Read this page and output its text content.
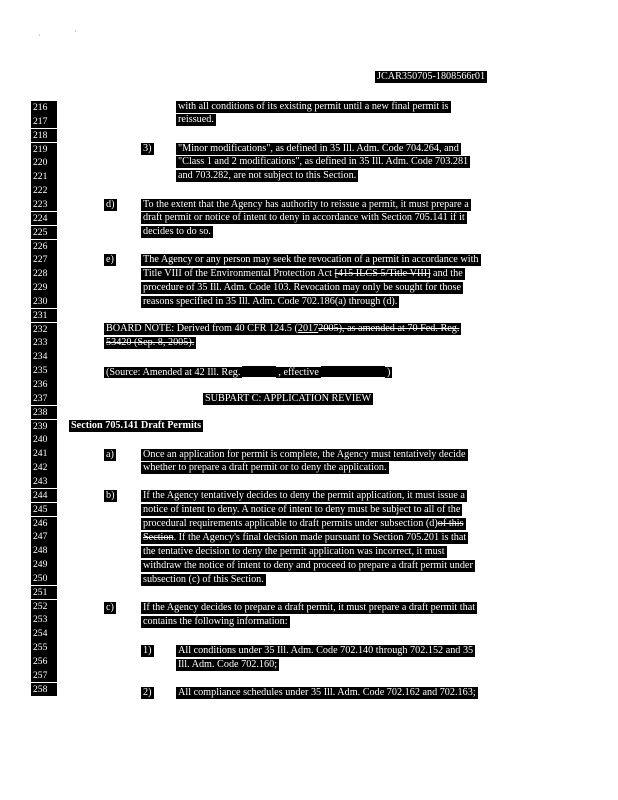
·	·
JCAR350705-1808566r01
216
217
218
219
220
221
222
223
224
225
226
227
228
229
230
231
232
233
234
235
236
237
238
239
240
241
242
243
244
245
246
247
248
249
250
251
252
253
254
255
256
257
258
with all conditions of its existing permit until a new final permit is
reissued.
3)	"Minor modifications", as defined in 35 Ill. Adm. Code 704.264, and
"Class 1 and 2 modifications", as defined in 35 Ill. Adm. Code 703.281
and 703.282, are not subject to this Section.
d)	To the extent that the Agency has authority to reissue a permit, it must prepare a
draft permit or notice of intent to deny in accordance with Section 705.141 if it
decides to do so.
e)	The Agency or any person may seek the revocation of a permit in accordance with
Title VIII of the Environmental Protection Act [415 ILCS 5/Title VIII] and the
procedure of 35 Ill. Adm. Code 103. Revocation may only be sought for those
reasons specified in 35 Ill. Adm. Code 702.186(a) through (d).
BOARD NOTE: Derived from 40 CFR 124.5 (20172005), as amended at 70 Fed. Reg.
53420 (Sep. 8, 2005).
(Source: Amended at 42 Ill. Reg.	, effective	)
SUBPART C: APPLICATION REVIEW
Section 705.141 Draft Permits
a)	Once an application for permit is complete, the Agency must tentatively decide
whether to prepare a draft permit or to deny the application.
b)	If the Agency tentatively decides to deny the permit application, it must issue a
notice of intent to deny. A notice of intent to deny must be subject to all of the
procedural requirements applicable to draft permits under subsection (d)of this
Section. If the Agency's final decision made pursuant to Section 705.201 is that
the tentative decision to deny the permit application was incorrect, it must
withdraw the notice of intent to deny and proceed to prepare a draft permit under
subsection (c) of this Section.
c)	If the Agency decides to prepare a draft permit, it must prepare a draft permit that
contains the following information:
1)	All conditions under 35 Ill. Adm. Code 702.140 through 702.152 and 35
Ill. Adm. Code 702.160;
2)	All compliance schedules under 35 Ill. Adm. Code 702.162 and 702.163;
